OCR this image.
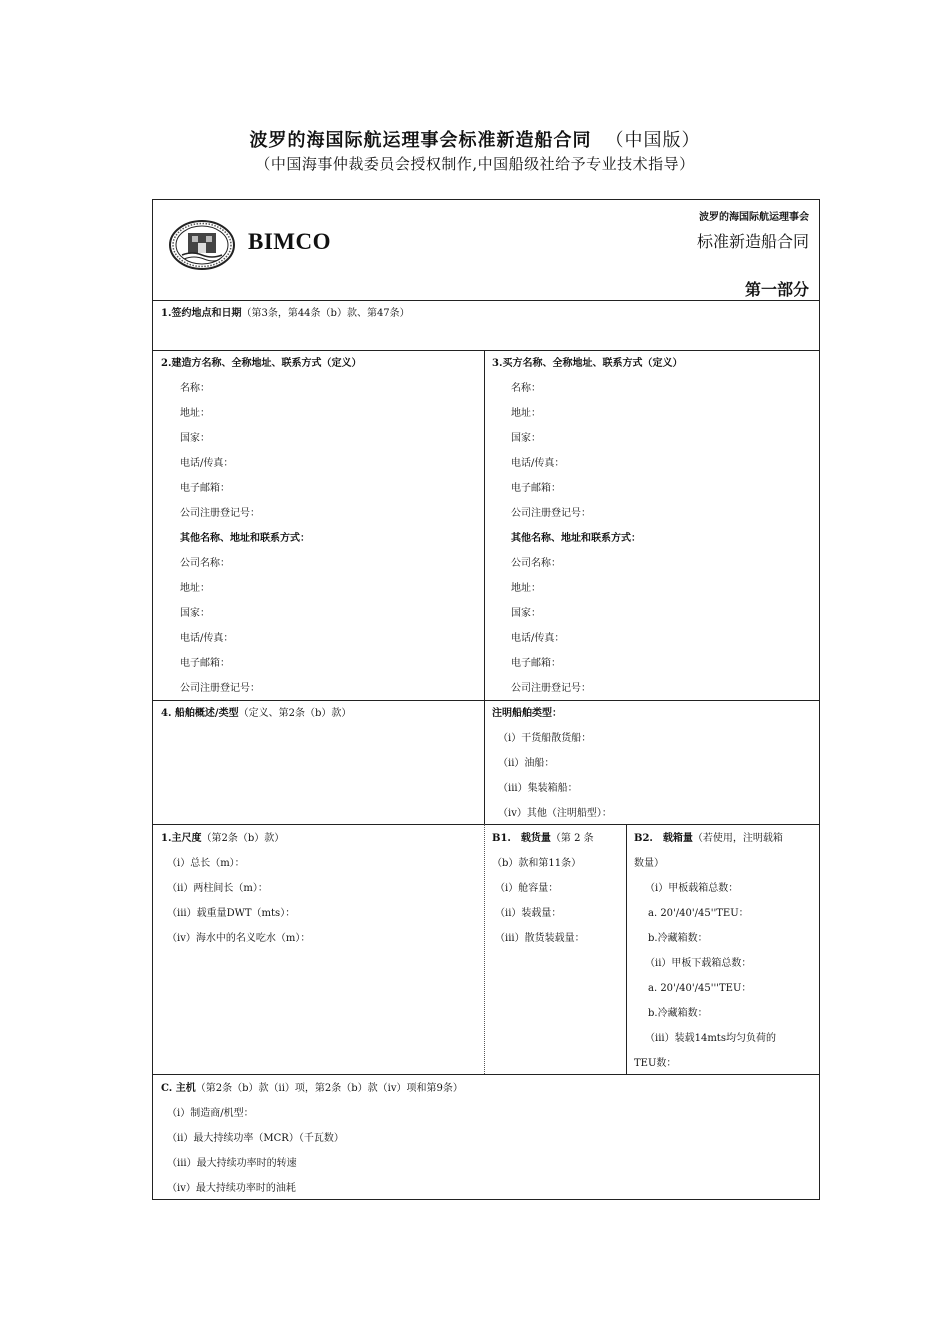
波罗的海国际航运理事会标准新造船合同 （中国版）
（中国海事仲裁委员会授权制作,中国船级社给予专业技术指导）
BIMCO
波罗的海国际航运理事会
标准新造船合同
第一部分
1.签约地点和日期（第3条，第44条（b）款、第47条）
2.建造方名称、全称地址、联系方式（定义）
名称：
地址：
国家：
电话/传真：
电子邮箱：
公司注册登记号：
其他名称、地址和联系方式：
公司名称：
地址：
国家：
电话/传真：
电子邮箱：
公司注册登记号：
3.买方名称、全称地址、联系方式（定义）
名称：
地址：
国家：
电话/传真：
电子邮箱：
公司注册登记号：
其他名称、地址和联系方式：
公司名称：
地址：
国家：
电话/传真：
电子邮箱：
公司注册登记号：
4. 船舶概述/类型（定义、第2条（b）款）	注明船舶类型：
（i）干货船散货船：
（ii）油船：
（iii）集装箱船：
（iv）其他（注明船型）：
1.主尺度（第2条（b）款）
（i）总长（m）：
（ii）两柱间长（m）：
（iii）载重量DWT（mts）：
（iv）海水中的名义吃水（m）：
B1.　载货量（第 2 条
（b）款和第11条）
（i）舱容量：
（ii）装载量：
（iii）散货装载量：
B2.　载箱量（若使用，注明载箱
数量）
（i）甲板载箱总数：
a. 20'/40'/45''TEU：
b.冷藏箱数：
（ii）甲板下载箱总数：
a. 20'/40'/45'''TEU：
b.冷藏箱数：
（iii）装载14mts均匀负荷的
TEU数：
C. 主机（第2条（b）款（ii）项，第2条（b）款（iv）项和第9条）
（i）制造商/机型：
（ii）最大持续功率（MCR）（千瓦数）
（iii）最大持续功率时的转速
（iv）最大持续功率时的油耗
